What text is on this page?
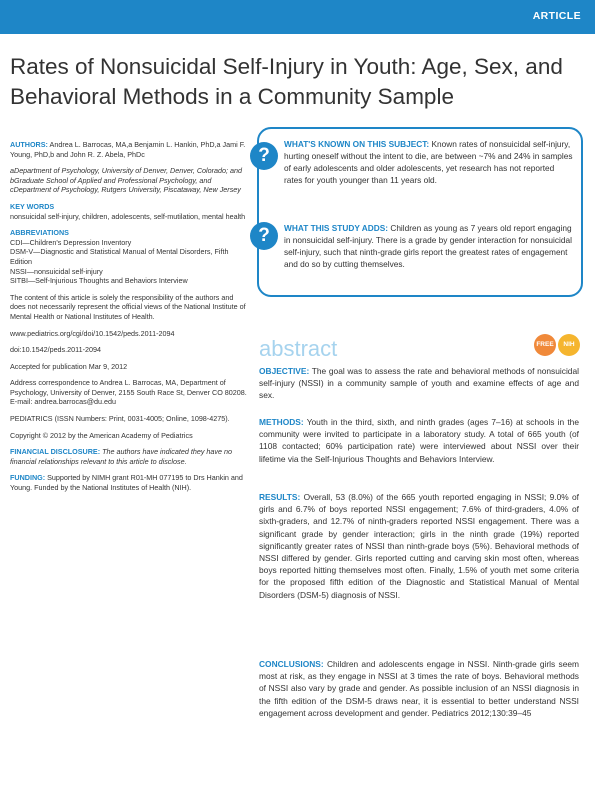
ARTICLE
Rates of Nonsuicidal Self-Injury in Youth: Age, Sex, and Behavioral Methods in a Community Sample

AUTHORS: Andrea L. Barrocas, MA,a Benjamin L. Hankin, PhD,a Jami F. Young, PhD,b and John R. Z. Abela, PhDc

aDepartment of Psychology, University of Denver, Denver, Colorado; and bGraduate School of Applied and Professional Psychology, and cDepartment of Psychology, Rutgers University, Piscataway, New Jersey

KEY WORDS
nonsuicidal self-injury, children, adolescents, self-mutilation, mental health
ABBREVIATIONS
CDI—Children's Depression Inventory
DSM-V—Diagnostic and Statistical Manual of Mental Disorders, Fifth Edition
NSSI—nonsuicidal self-injury
SITBI—Self-Injurious Thoughts and Behaviors Interview

The content of this article is solely the responsibility of the authors and does not necessarily represent the official views of the National Institute of Mental Health or National Institutes of Health.

www.pediatrics.org/cgi/doi/10.1542/peds.2011-2094

doi:10.1542/peds.2011-2094

Accepted for publication Mar 9, 2012

Address correspondence to Andrea L. Barrocas, MA, Department of Psychology, University of Denver, 2155 South Race St, Denver CO 80208. E-mail: andrea.barrocas@du.edu

PEDIATRICS (ISSN Numbers: Print, 0031-4005; Online, 1098-4275).

Copyright © 2012 by the American Academy of Pediatrics

FINANCIAL DISCLOSURE: The authors have indicated they have no financial relationships relevant to this article to disclose.

FUNDING: Supported by NIMH grant R01-MH 077195 to Drs Hankin and Young. Funded by the National Institutes of Health (NIH).

?
?
WHAT'S KNOWN ON THIS SUBJECT: Known rates of nonsuicidal self-injury, hurting oneself without the intent to die, are between ~7% and 24% in samples of early adolescents and older adolescents, yet research has not reported rates for youth younger than 11 years old.
WHAT THIS STUDY ADDS: Children as young as 7 years old report engaging in nonsuicidal self-injury. There is a grade by gender interaction for nonsuicidal self-injury, such that ninth-grade girls report the greatest rates of engagement and do so by cutting themselves.
abstract	FREE	NIH
OBJECTIVE: The goal was to assess the rate and behavioral methods of nonsuicidal self-injury (NSSI) in a community sample of youth and examine effects of age and sex.
METHODS: Youth in the third, sixth, and ninth grades (ages 7–16) at schools in the community were invited to participate in a laboratory study. A total of 665 youth (of 1108 contacted; 60% participation rate) were interviewed about NSSI over their lifetime via the Self-Injurious Thoughts and Behaviors Interview.
RESULTS: Overall, 53 (8.0%) of the 665 youth reported engaging in NSSI; 9.0% of girls and 6.7% of boys reported NSSI engagement; 7.6% of third-graders, 4.0% of sixth-graders, and 12.7% of ninth-graders reported NSSI engagement. There was a significant grade by gender interaction; girls in the ninth grade (19%) reported significantly greater rates of NSSI than ninth-grade boys (5%). Behavioral methods of NSSI differed by gender. Girls reported cutting and carving skin most often, whereas boys reported hitting themselves most often. Finally, 1.5% of youth met some criteria for the proposed fifth edition of the Diagnostic and Statistical Manual of Mental Disorders (DSM-5) diagnosis of NSSI.
CONCLUSIONS: Children and adolescents engage in NSSI. Ninth-grade girls seem most at risk, as they engage in NSSI at 3 times the rate of boys. Behavioral methods of NSSI also vary by grade and gender. As possible inclusion of an NSSI diagnosis in the fifth edition of the DSM-5 draws near, it is essential to better understand NSSI engagement across development and gender. Pediatrics 2012;130:39–45
